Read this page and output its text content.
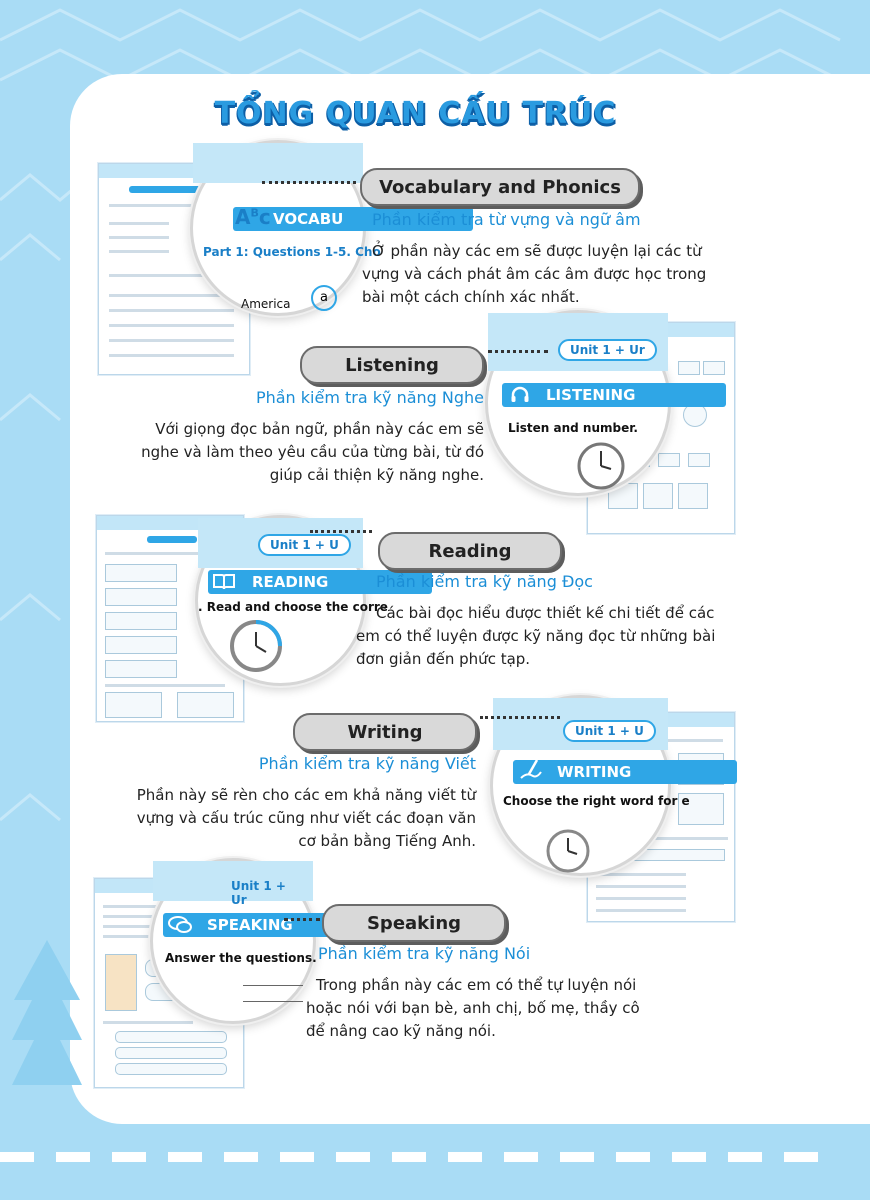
TỔNG QUAN CẤU TRÚC
VOCABU
$A^Bc$
Part 1: Questions 1-5. Cho
America	a
Vocabulary and Phonics
Phần kiểm tra từ vựng và ngữ âm
Ở phần này các em sẽ được luyện lại các từ vựng và cách phát âm các âm được học trong bài một cách chính xác nhất.
Unit 1 + Ur
LISTENING
Listen and number.
Listening
Phần kiểm tra kỹ năng Nghe
Với giọng đọc bản ngữ, phần này các em sẽ nghe và làm theo yêu cầu của từng bài, từ đó giúp cải thiện kỹ năng nghe.
Unit 1 + U
READING
. Read and choose the corre
Reading
Phần kiểm tra kỹ năng Đọc
Các bài đọc hiểu được thiết kế chi tiết để các em có thể luyện được kỹ năng đọc từ những bài đơn giản đến phức tạp.
Unit 1 + U
WRITING
Choose the right word for e
Writing
Phần kiểm tra kỹ năng Viết
Phần này sẽ rèn cho các em khả năng viết từ vựng và cấu trúc cũng như viết các đoạn văn cơ bản bằng Tiếng Anh.
Unit 1 + Ur
SPEAKING
Answer the questions.
Speaking
Phần kiểm tra kỹ năng Nói
Trong phần này các em có thể tự luyện nói hoặc nói với bạn bè, anh chị, bố mẹ, thầy cô để nâng cao kỹ năng nói.
